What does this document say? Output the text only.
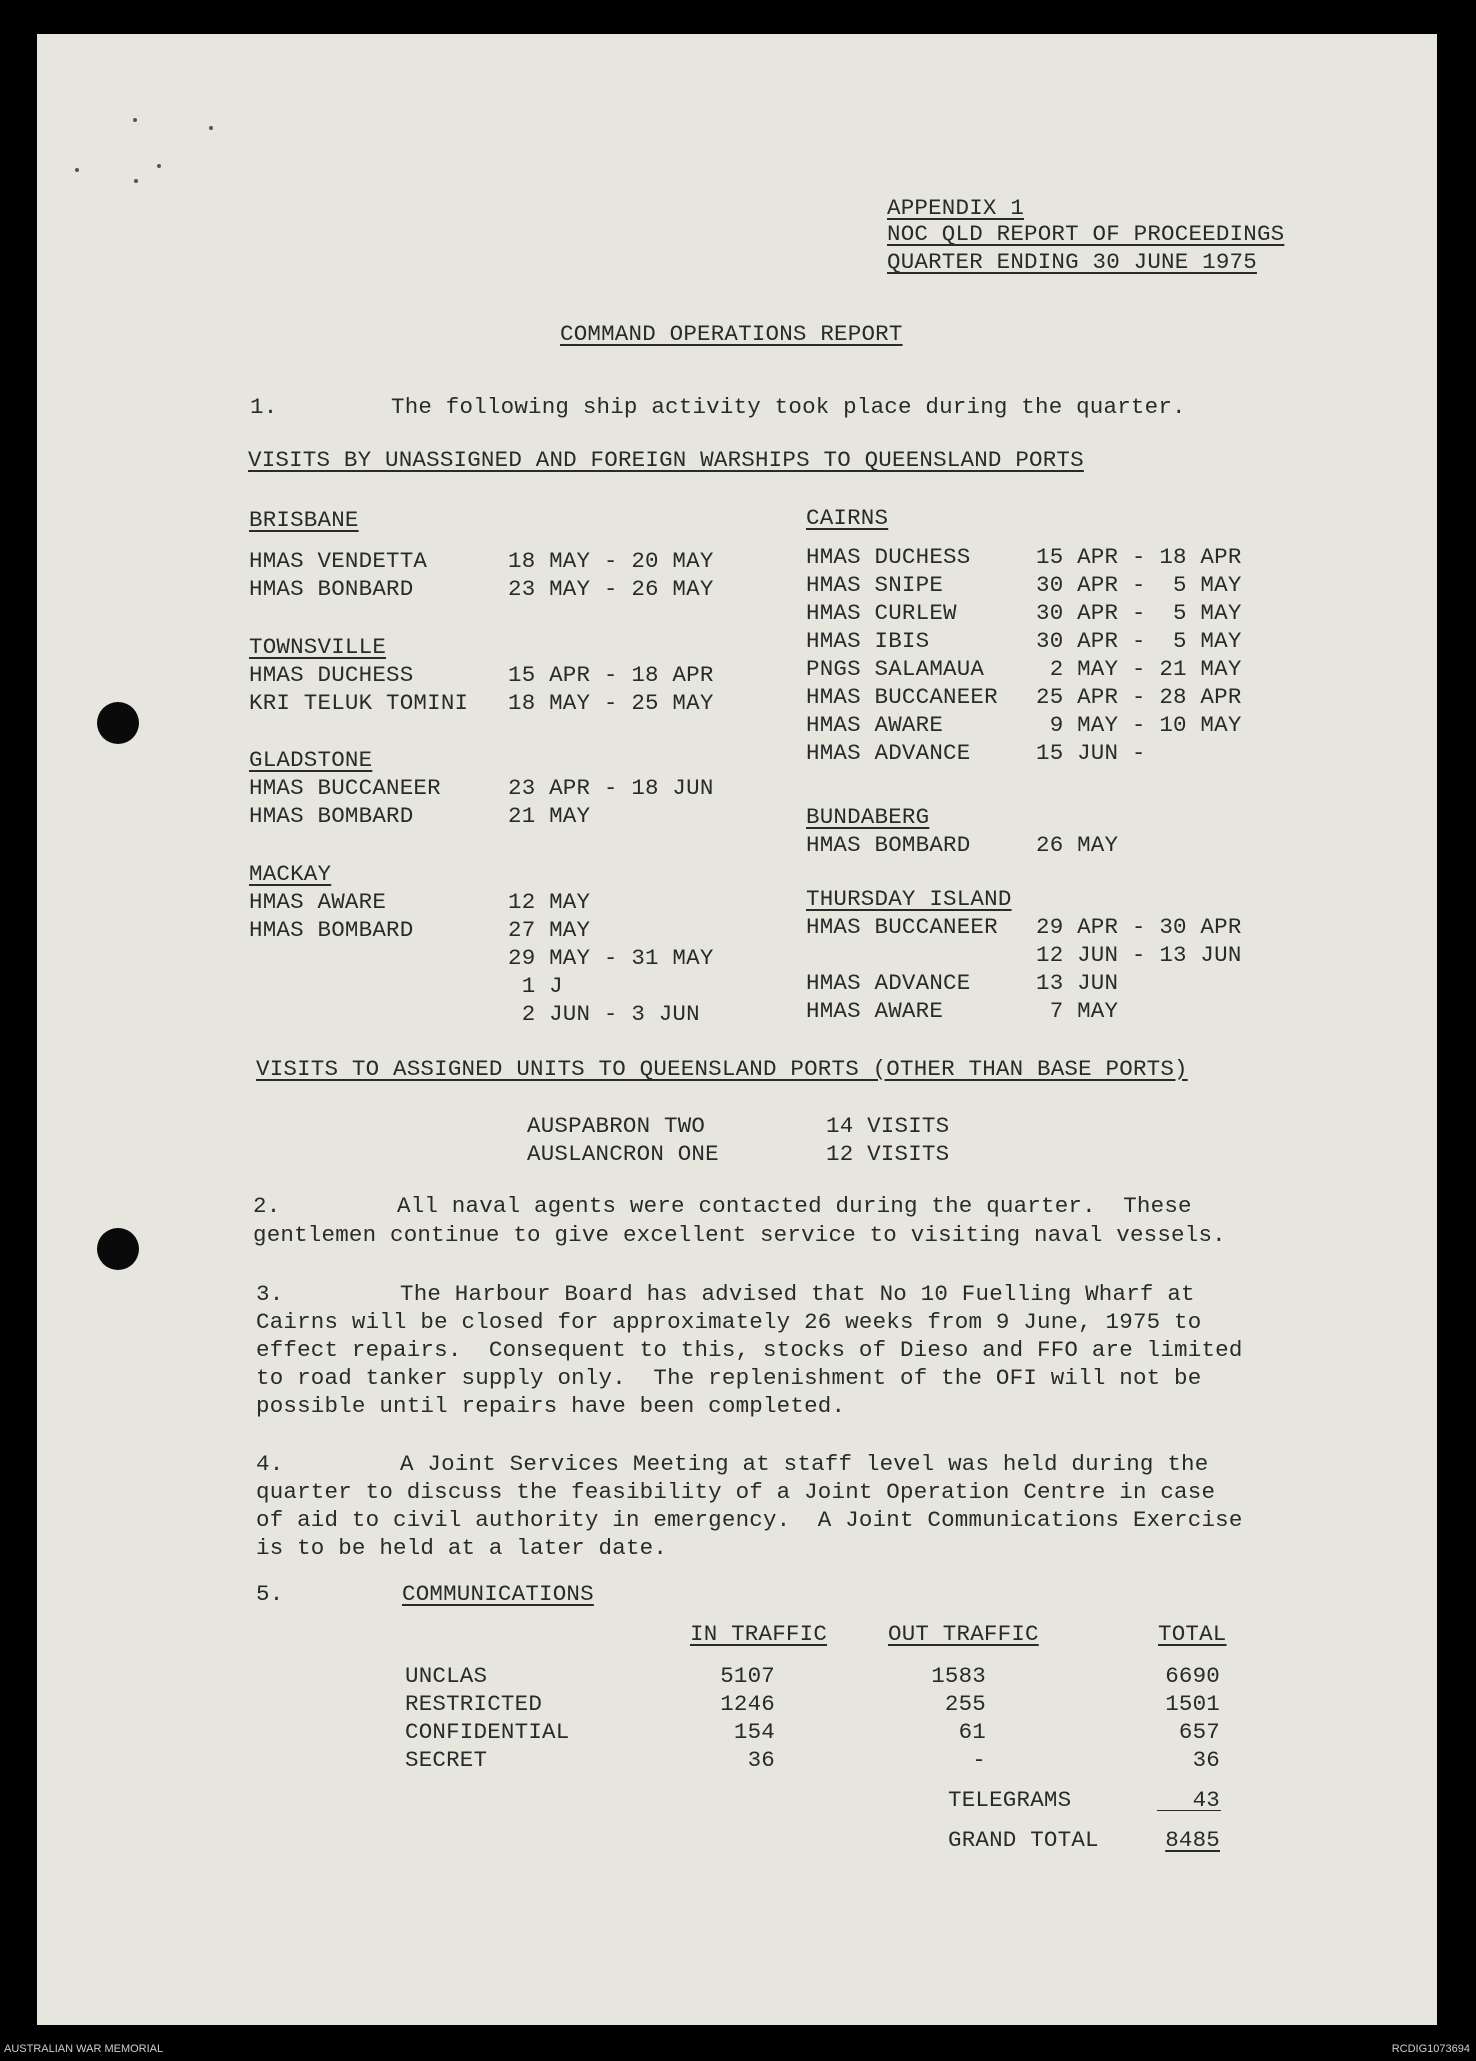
APPENDIX 1
NOC QLD REPORT OF PROCEEDINGS
QUARTER ENDING 30 JUNE 1975
COMMAND OPERATIONS REPORT
1.	The following ship activity took place during the quarter.
VISITS BY UNASSIGNED AND FOREIGN WARSHIPS TO QUEENSLAND PORTS
BRISBANE
HMAS VENDETTA	18 MAY - 20 MAY
HMAS BONBARD	23 MAY - 26 MAY
TOWNSVILLE
HMAS DUCHESS	15 APR - 18 APR
KRI TELUK TOMINI 18 MAY - 25 MAY
GLADSTONE
HMAS BUCCANEER	23 APR - 18 JUN
HMAS BOMBARD	21 MAY
MACKAY
HMAS AWARE	12 MAY
HMAS BOMBARD	27 MAY
29 MAY - 31 MAY
1 J
2 JUN - 3 JUN
CAIRNS
HMAS DUCHESS	15 APR - 18 APR
HMAS SNIPE	30 APR -  5 MAY
HMAS CURLEW	30 APR -  5 MAY
HMAS IBIS	30 APR -  5 MAY
PNGS SALAMAUA 2 MAY - 21 MAY
HMAS BUCCANEER 25 APR - 28 APR
HMAS AWARE	9 MAY - 10 MAY
HMAS ADVANCE	15 JUN -
BUNDABERG
HMAS BOMBARD	26 MAY
THURSDAY ISLAND
HMAS BUCCANEER 29 APR - 30 APR
12 JUN - 13 JUN
HMAS ADVANCE	13 JUN
HMAS AWARE	7 MAY
VISITS TO ASSIGNED UNITS TO QUEENSLAND PORTS (OTHER THAN BASE PORTS)
AUSPABRON TWO	14 VISITS
AUSLANCRON ONE	12 VISITS
2.	All naval agents were contacted during the quarter.  These
gentlemen continue to give excellent service to visiting naval vessels.
3.	The Harbour Board has advised that No 10 Fuelling Wharf at
Cairns will be closed for approximately 26 weeks from 9 June, 1975 to
effect repairs.  Consequent to this, stocks of Dieso and FFO are limited
to road tanker supply only.  The replenishment of the OFI will not be
possible until repairs have been completed.
4.	A Joint Services Meeting at staff level was held during the
quarter to discuss the feasibility of a Joint Operation Centre in case
of aid to civil authority in emergency.  A Joint Communications Exercise
is to be held at a later date.
5.	COMMUNICATIONS
IN TRAFFIC	OUT TRAFFIC	TOTAL
UNCLAS	5107	1583	6690
RESTRICTED	1246	255	1501
CONFIDENTIAL	154	61	657
SECRET	36	-	36
TELEGRAMS	43
GRAND TOTAL	8485
AUSTRALIAN WAR MEMORIAL	RCDIG1073694
